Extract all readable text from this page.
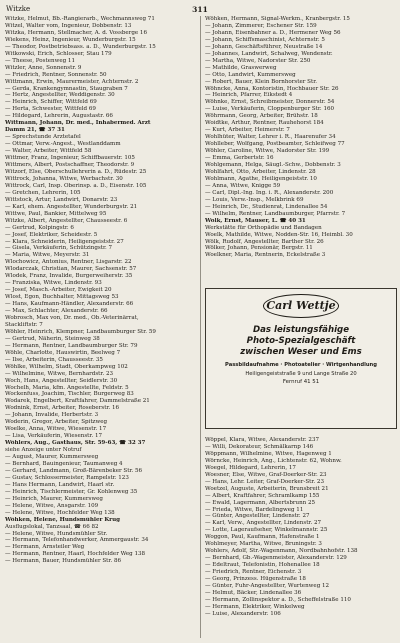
Witzke	311
Witzke, Helmut, Bb.-Rangierarb., Wechmannsweg 71
Witzel, Walter vom, Ingenieur, Dobbenstr. 13
Witzka, Hermann, Stellmacher, A. d. Vossberge 16
Wiekens, Heinz, Ingenieur, Wunderburgstr. 15
— Theodor, Postbetriebsass. a. D., Wunderburgstr. 15
Witkowski, Erich, Schlosser, Stau 179
— Theese, Postenweg 11
Witzler, Anne, Sonnenstr. 9
— Friedrich, Rentner, Sonnenstr. 50
Wittmann, Erwin, Maurermeister, Achternstr. 2
— Gerda, Krankengymnastin, Staugraben 7
— Hertz, Angestellter, Weddigenstr. 30
— Heinrich, Schiffer, Wittfeld 69
— Herta, Schwester, Wittfeld 69
— Hildegard, Lehrerin, Augustastr. 66
Wittmann, Johann, Dr. med., Inhabermed. Arzt
Damm 21, ☎ 37 31
— Sprechstunde Ärztetafel
— Ottmar, Verw.-Angest., Westlanddamm
— Walter, Arbeiter, Wittfeld 58
Wittmer, Franz, Ingenieur, Schiffbauerstr. 105
Wittmers, Albert, Postschaffner, Theodorstr. 9
Witzorf, Else, Oberschullehrerin a. D., Rüdestr. 25
Wittrock, Johanna, Witwe, Werbachstr. 30
Wittrock, Carl, Insp. Oberinsp. a. D., Eisenstr. 105
— Gretchen, Lehrerin, 105
Wittstock, Artur, Landwirt, Donarstr. 23
— Karl, ehem. Angestellter, Wunderburgstr. 21
Wittwe, Paul, Bankier, Mittelweg 95
Witzke, Albert, Angestellter, Chausseestr. 6
— Gertrud, Kolpingstr. 6
— Josef, Elektriker, Scheidestr. 5
— Klara, Schneiderin, Heiligengeiststr. 27
— Gisela, Verkäuferin, Schützingstr. 7
— Maria, Witwe, Meyerstr. 31
Wlochowicz, Antonius, Rentner, Lisgarstr. 22
Wlodarczak, Christian, Maurer, Sachsenstr. 57
Wlodek, Franz, Invalide, Burgerweiherstr. 35
— Franziska, Witwe, Lindenstr. 93
— Josef, Masch.-Arbeiter, Ewigkeit 20
Wlost, Egon, Buchhalter, Mittagsweg 53
— Hans, Kaufmann-Händler, Alexanderstr. 66
— Max, Schlachter, Alexanderstr. 66
Wobrosch, Max von, Dr. med., Ob.-Veterinärrat,
Stackliftstr. 7
Wöhler, Heinrich, Klempner, Landbaumburger Str. 59
— Gertrud, Näherin, Steinweg 38
— Hermann, Rentner, Landbaumburger Str. 79
Wöhle, Charlotte, Hauswirtin, Beelweg 7
— Ilse, Arbeiterin, Chausseestr. 35
Wöhlke, Wilhelm, Stadt, Oberkampweg 102
— Wilhelmine, Witwe, Bernhardstr. 23
Woch, Hans, Angestellter, Seidlerstr. 30
Wochelh, Maria, kfm. Angestellte, Feldstr. 5
Wockenfuss, Joachim, Tischler, Burgerweg 83
Wodarek, Engelbert, Kraftfahrer, Dammelstraße 21
Wodnink, Ernst, Arbeiter, Roseberstr. 16
— Johann, Invalide, Herbertstr. 3
Woderin, Gregor, Arbeiter, Spitzweg
Woelke, Anna, Witwe, Wiesenstr. 17
— Lisa, Verkäuferin, Wiesenstr. 17
Wöhlers, Aug., Gasthaus, Str. 59-63, ☎ 32 37
siehe Anzeige unter Notruf
— August, Maurer, Kummersweg
— Bernhard, Bauingenieur, Taumanweg 4
— Gerhard, Landmann, Groß-Bärenbeker Str. 56
— Gustav, Schlossermeister, Rampelstr. 123
— Hans Hermann, Landwirt, Haarl str.
— Heinrich, Tischlermeister, Gr. Kohlenweg 35
— Heinrich, Maurer, Kummersweg
— Helene, Witwe, Ansgarstr. 109
— Helene, Witwe, Hochfelder Weg 138
Wöhken, Helene, Hundsmühler Krug
Ausflugslokal, Tanzsaal, ☎ 66 82
— Helene, Witwe, Hundsmühler Str.
— Hermann, Telefonhandwerker, Ammergaustr. 34
— Hermann, Arnsteiler Weg
— Hermann, Rentner, Haarl, Hochfelder Weg 138
— Hermann, Bauer, Hundsmühler Str. 86
Wöhken, Hermann, Signal-Werkm., Kranbergstr. 15
— Johann, Zimmerer, Eschener Str. 159
— Johann, Eisenbahner a. D., Hermener Weg 56
— Johann, Schiffsmaschinist, Achternstr. 5
— Johann, Geschäftsführer, Neustraße 14
— Johannes, Landwirt, Schalweg, Wendenstr.
— Martha, Witwe, Nadorster Str. 250
— Mathilde, Graswerweg
— Otto, Landwirt, Kummersweg
— Robert, Bauer, Klein Bornhorster Str.
Wöhncke, Anna, Kontoristin, Hochbauer Str. 26
— Heinrich, Pfarrer, Eikstedt 4
Wöhnke, Ernst, Schreibmeister, Donnerstr. 54
— Luise, Verkäuferin, Cloppenburger Str. 160
Wöhrmann, Georg, Arbeiter, Brühstr. 18
Woidtke, Arthur, Rentner, Rauhehorst 184
— Kurt, Arbeiter, Heimerstr. 7
Wohlhüter, Walter, Lehrer i. R., Haarenufer 34
Wohlleber, Wolfgang, Postbeamter, Schleifweg 77
Wöhler, Caroline, Witwe, Nadorster Str. 199
— Emma, Gerbertstr. 16
Wohlgemann, Helga, Säugl.-Schw., Dobbenstr. 3
Wohlfahrt, Otto, Arbeiter, Lindenstr. 28
Wohlmann, Agathe, Heiligengeiststr. 10
— Anna, Witwe, Knigge 59
— Carl, Dipl.-Ing. Ing. i. R., Alexanderstr. 200
— Louis, Verw.-Insp., Melkbrink 69
— Heinrich, Dr., Studienrat, Lindenallee 54
— Wilhelm, Rentner, Landbaumburger, Pfarrstr. 7
Wolk, Ernst, Mauser, L. ☎ 40 31
Werkstätte für Orthopädie und Bandagen
Woelk, Mathilde, Witwe, Nodden-Str. 16, Heimbl. 30
Wölk, Rudolf, Angestellter, Barther Str. 26
Wölker, Johann, Pensionär, Bergstr. 11
Woelkner, Maria, Rentnerin, Eckelstraße 3
Carl Wettje
Das leistungsfähige
Photo-Spezialgeschäft
zwischen Weser und Ems
Passbildaufnahme · Photoatelier · Wirtgenhandlung
Heiligengeiststraße 9 und Lange Straße 20
Fernruf 41 51
Wöppel, Klara, Witwe, Alexanderstr. 237
— Willi, Dekorateur, Schmälkarnp 146
Wöppmann, Wilhelmine, Witwe, Hagenweg 1
Wörncke, Heinrich, Ang., Lichtenstr. 62, Wohnw.
Woegel, Hildegard, Lehrerin, 17
Woesner, Else, Witwe, Graf-Doerker-Str. 23
— Hans, Lehr. Leiter, Graf-Doerker-Str. 23
Woetzel, Auguste, Arbeiterin, Brunsbreit 21
— Albert, Kraftfahrer, Schramlkamp 155
— Ewald, Lagermann, Albertsbrunn 25
— Frieda, Witwe, Bardelingweg 11
— Günter, Angestellter, Lindenstr. 27
— Karl, Verw., Angestellter, Lindenstr. 27
— Lotte, Lageraufseher, Winkelmannstr. 25
Woggon, Paul, Kaufmann, Hafenstraße 1
Wohlmeyer, Martha, Witwe, Bruningstr. 3
Wohlers, Adolf, Str.-Wagenmann, Nordbahnhofstr. 138
— Bernhard, Gb.-Wagenmeister, Alexanderstr. 129
— Edeltraut, Telefonistin, Hohenallee 18
— Friedrich, Rentner, Eichenstr. 3
— Georg, Prinzess. Hügenstraße 18
— Günter, Fuhr-Angestellter, Wurtenweg 12
— Helmut, Bäcker, Lindenallee 36
— Hermann, Zollinspektor a. D., Scheffelstraße 110
— Hermann, Elektriker, Winkelweg
— Luise, Alexanderstr. 106
